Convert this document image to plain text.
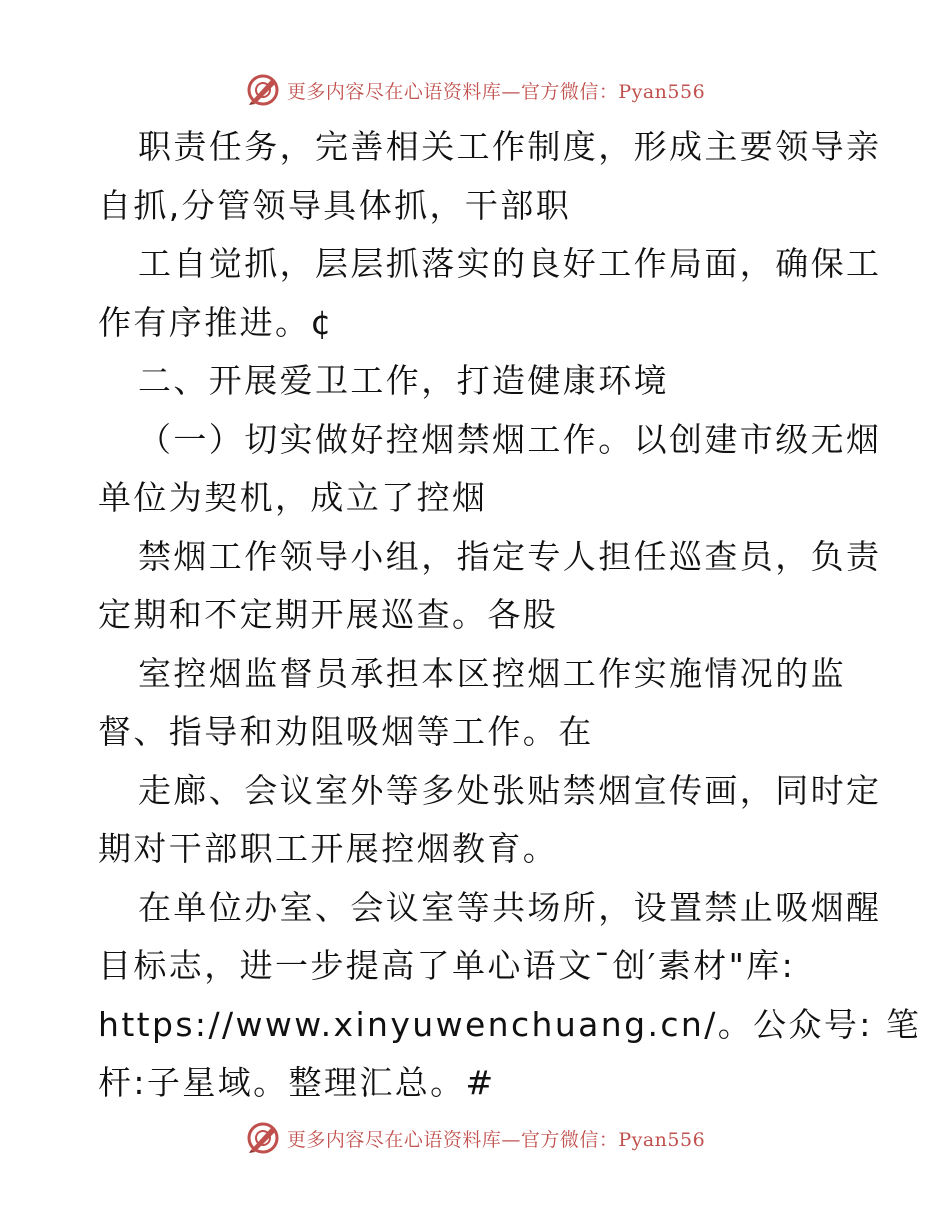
更多内容尽在心语资料库—官方微信：Pyan556
职责任务，完善相关工作制度，形成主要领导亲
自抓,分管领导具体抓，干部职
工自觉抓，层层抓落实的良好工作局面，确保工
作有序推进。¢
二、开展爱卫工作，打造健康环境
（一）切实做好控烟禁烟工作。以创建市级无烟
单位为契机，成立了控烟
禁烟工作领导小组，指定专人担任巡查员，负责
定期和不定期开展巡查。各股
室控烟监督员承担本区控烟工作实施情况的监
督、指导和劝阻吸烟等工作。在
走廊、会议室外等多处张贴禁烟宣传画，同时定
期对干部职工开展控烟教育。
在单位办室、会议室等共场所，设置禁止吸烟醒
目标志，进一步提高了单心语文¯创′素材"库:
https://www.xinyuwenchuang.cn/。公众号: 笔
杆:子星域。整理汇总。#
更多内容尽在心语资料库—官方微信：Pyan556
